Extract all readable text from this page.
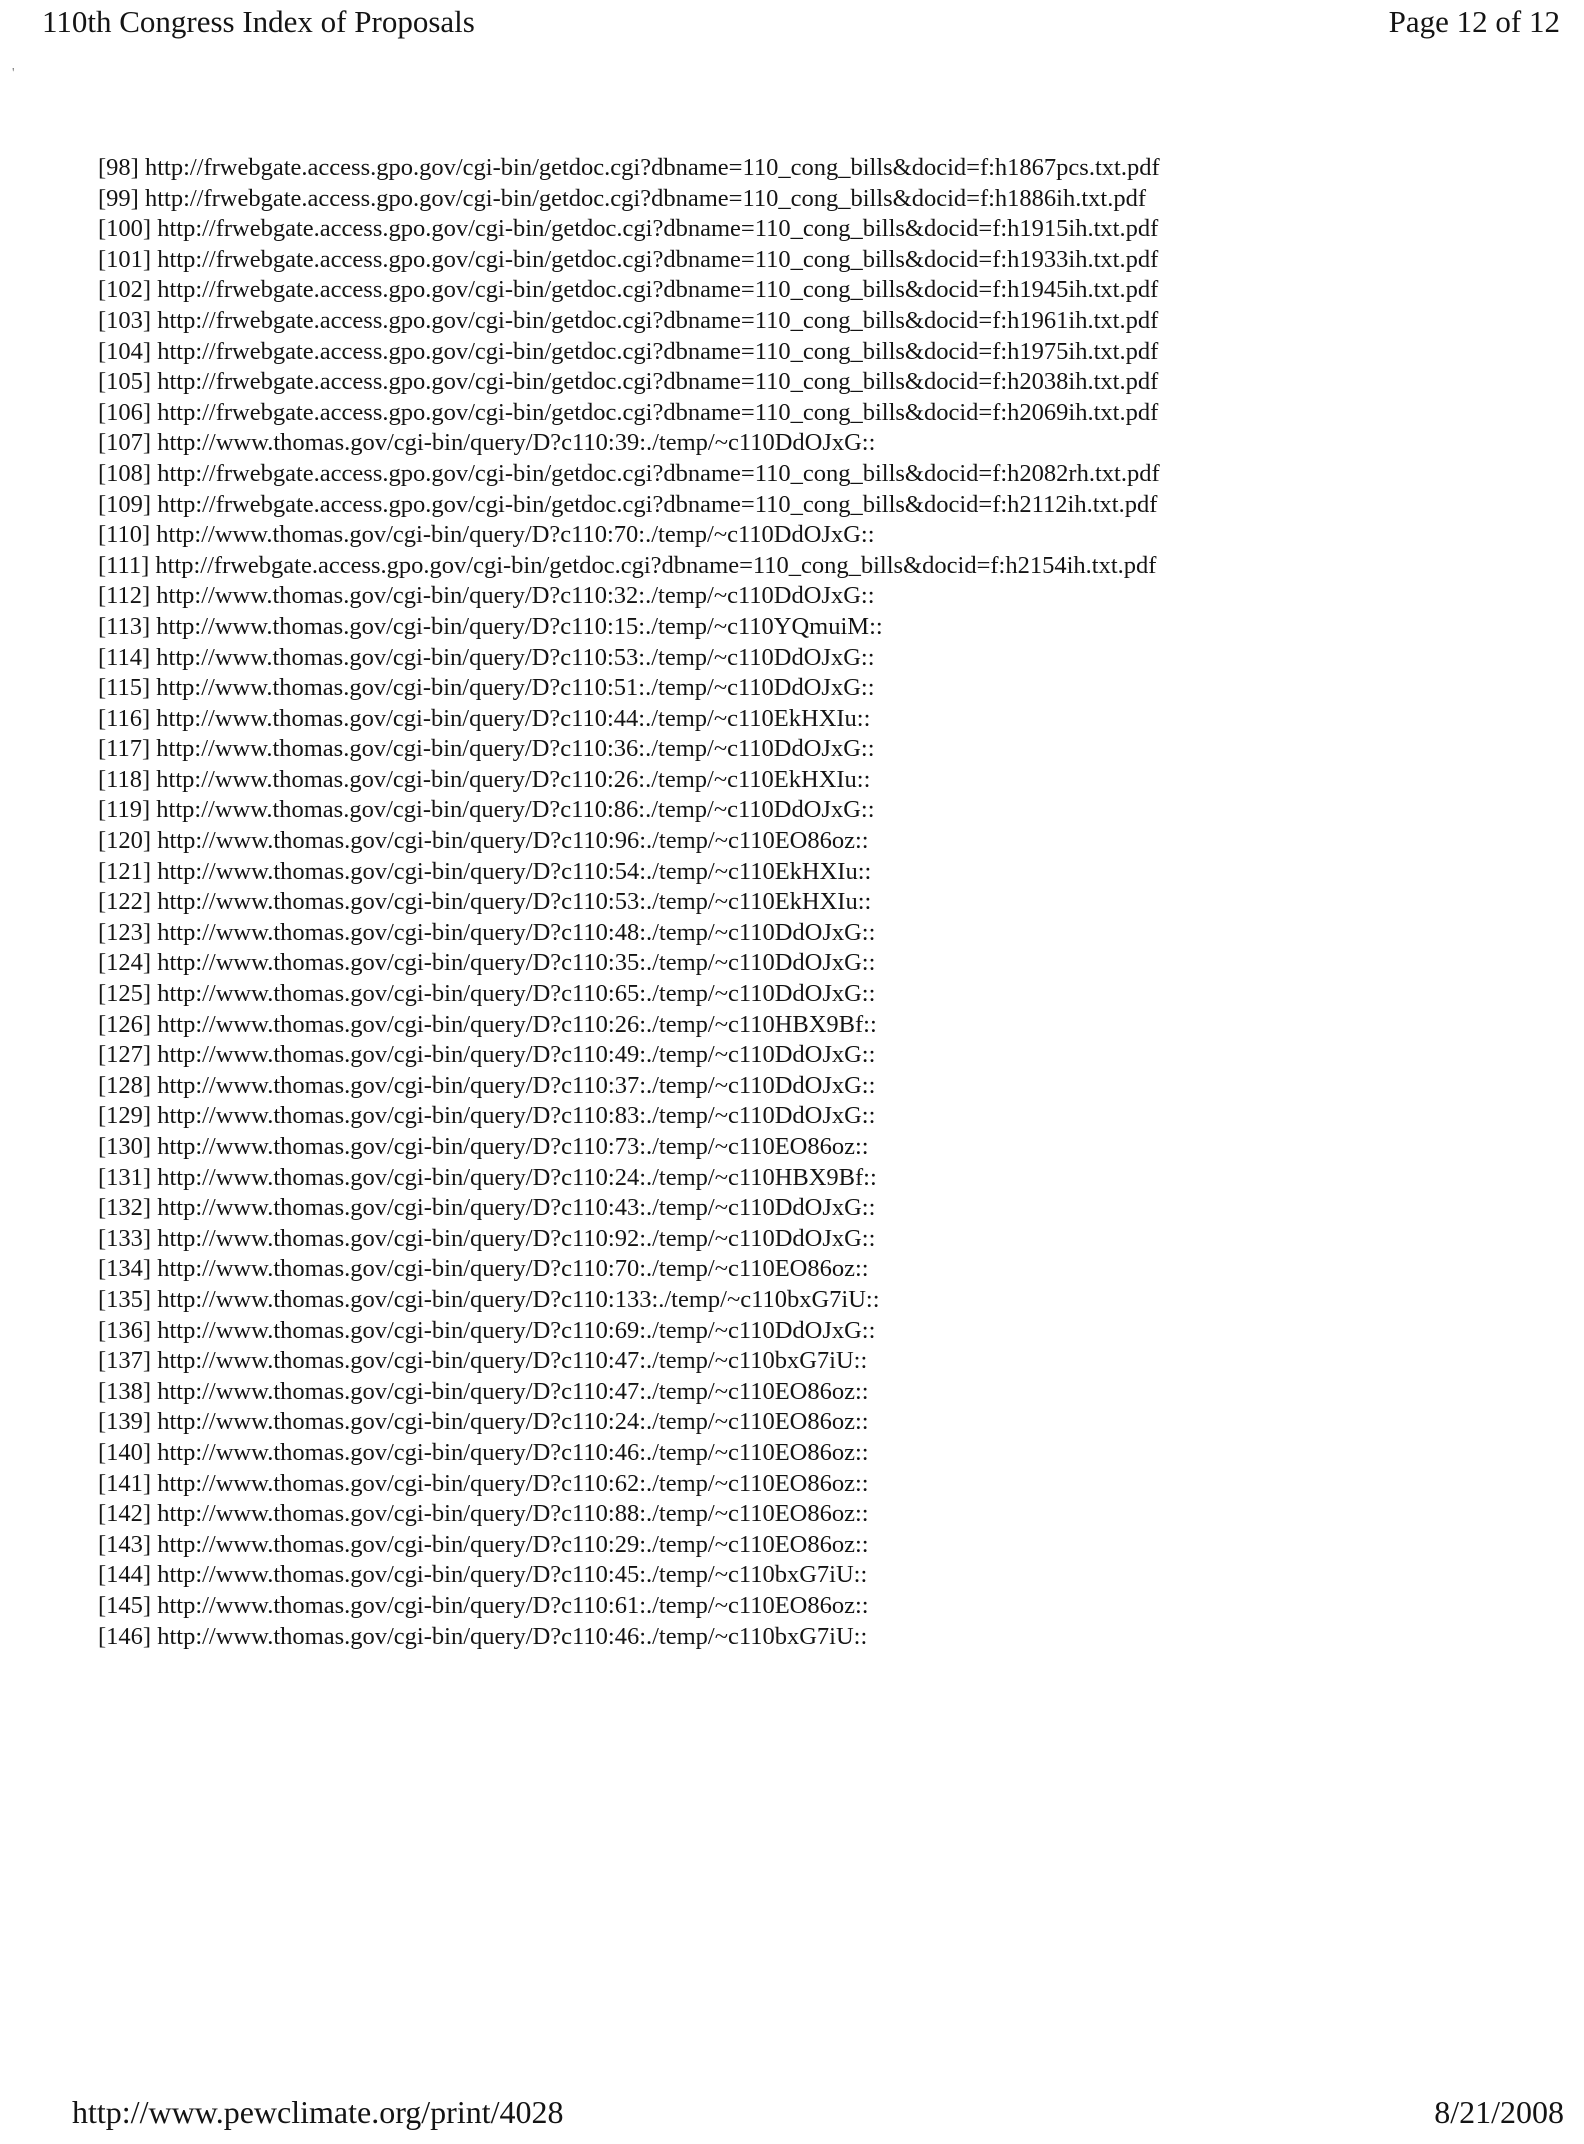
110th Congress Index of Proposals	Page 12 of 12
'
[98] http://frwebgate.access.gpo.gov/cgi-bin/getdoc.cgi?dbname=110_cong_bills&docid=f:h1867pcs.txt.pdf
[99] http://frwebgate.access.gpo.gov/cgi-bin/getdoc.cgi?dbname=110_cong_bills&docid=f:h1886ih.txt.pdf
[100] http://frwebgate.access.gpo.gov/cgi-bin/getdoc.cgi?dbname=110_cong_bills&docid=f:h1915ih.txt.pdf
[101] http://frwebgate.access.gpo.gov/cgi-bin/getdoc.cgi?dbname=110_cong_bills&docid=f:h1933ih.txt.pdf
[102] http://frwebgate.access.gpo.gov/cgi-bin/getdoc.cgi?dbname=110_cong_bills&docid=f:h1945ih.txt.pdf
[103] http://frwebgate.access.gpo.gov/cgi-bin/getdoc.cgi?dbname=110_cong_bills&docid=f:h1961ih.txt.pdf
[104] http://frwebgate.access.gpo.gov/cgi-bin/getdoc.cgi?dbname=110_cong_bills&docid=f:h1975ih.txt.pdf
[105] http://frwebgate.access.gpo.gov/cgi-bin/getdoc.cgi?dbname=110_cong_bills&docid=f:h2038ih.txt.pdf
[106] http://frwebgate.access.gpo.gov/cgi-bin/getdoc.cgi?dbname=110_cong_bills&docid=f:h2069ih.txt.pdf
[107] http://www.thomas.gov/cgi-bin/query/D?c110:39:./temp/~c110DdOJxG::
[108] http://frwebgate.access.gpo.gov/cgi-bin/getdoc.cgi?dbname=110_cong_bills&docid=f:h2082rh.txt.pdf
[109] http://frwebgate.access.gpo.gov/cgi-bin/getdoc.cgi?dbname=110_cong_bills&docid=f:h2112ih.txt.pdf
[110] http://www.thomas.gov/cgi-bin/query/D?c110:70:./temp/~c110DdOJxG::
[111] http://frwebgate.access.gpo.gov/cgi-bin/getdoc.cgi?dbname=110_cong_bills&docid=f:h2154ih.txt.pdf
[112] http://www.thomas.gov/cgi-bin/query/D?c110:32:./temp/~c110DdOJxG::
[113] http://www.thomas.gov/cgi-bin/query/D?c110:15:./temp/~c110YQmuiM::
[114] http://www.thomas.gov/cgi-bin/query/D?c110:53:./temp/~c110DdOJxG::
[115] http://www.thomas.gov/cgi-bin/query/D?c110:51:./temp/~c110DdOJxG::
[116] http://www.thomas.gov/cgi-bin/query/D?c110:44:./temp/~c110EkHXIu::
[117] http://www.thomas.gov/cgi-bin/query/D?c110:36:./temp/~c110DdOJxG::
[118] http://www.thomas.gov/cgi-bin/query/D?c110:26:./temp/~c110EkHXIu::
[119] http://www.thomas.gov/cgi-bin/query/D?c110:86:./temp/~c110DdOJxG::
[120] http://www.thomas.gov/cgi-bin/query/D?c110:96:./temp/~c110EO86oz::
[121] http://www.thomas.gov/cgi-bin/query/D?c110:54:./temp/~c110EkHXIu::
[122] http://www.thomas.gov/cgi-bin/query/D?c110:53:./temp/~c110EkHXIu::
[123] http://www.thomas.gov/cgi-bin/query/D?c110:48:./temp/~c110DdOJxG::
[124] http://www.thomas.gov/cgi-bin/query/D?c110:35:./temp/~c110DdOJxG::
[125] http://www.thomas.gov/cgi-bin/query/D?c110:65:./temp/~c110DdOJxG::
[126] http://www.thomas.gov/cgi-bin/query/D?c110:26:./temp/~c110HBX9Bf::
[127] http://www.thomas.gov/cgi-bin/query/D?c110:49:./temp/~c110DdOJxG::
[128] http://www.thomas.gov/cgi-bin/query/D?c110:37:./temp/~c110DdOJxG::
[129] http://www.thomas.gov/cgi-bin/query/D?c110:83:./temp/~c110DdOJxG::
[130] http://www.thomas.gov/cgi-bin/query/D?c110:73:./temp/~c110EO86oz::
[131] http://www.thomas.gov/cgi-bin/query/D?c110:24:./temp/~c110HBX9Bf::
[132] http://www.thomas.gov/cgi-bin/query/D?c110:43:./temp/~c110DdOJxG::
[133] http://www.thomas.gov/cgi-bin/query/D?c110:92:./temp/~c110DdOJxG::
[134] http://www.thomas.gov/cgi-bin/query/D?c110:70:./temp/~c110EO86oz::
[135] http://www.thomas.gov/cgi-bin/query/D?c110:133:./temp/~c110bxG7iU::
[136] http://www.thomas.gov/cgi-bin/query/D?c110:69:./temp/~c110DdOJxG::
[137] http://www.thomas.gov/cgi-bin/query/D?c110:47:./temp/~c110bxG7iU::
[138] http://www.thomas.gov/cgi-bin/query/D?c110:47:./temp/~c110EO86oz::
[139] http://www.thomas.gov/cgi-bin/query/D?c110:24:./temp/~c110EO86oz::
[140] http://www.thomas.gov/cgi-bin/query/D?c110:46:./temp/~c110EO86oz::
[141] http://www.thomas.gov/cgi-bin/query/D?c110:62:./temp/~c110EO86oz::
[142] http://www.thomas.gov/cgi-bin/query/D?c110:88:./temp/~c110EO86oz::
[143] http://www.thomas.gov/cgi-bin/query/D?c110:29:./temp/~c110EO86oz::
[144] http://www.thomas.gov/cgi-bin/query/D?c110:45:./temp/~c110bxG7iU::
[145] http://www.thomas.gov/cgi-bin/query/D?c110:61:./temp/~c110EO86oz::
[146] http://www.thomas.gov/cgi-bin/query/D?c110:46:./temp/~c110bxG7iU::
http://www.pewclimate.org/print/4028	8/21/2008
